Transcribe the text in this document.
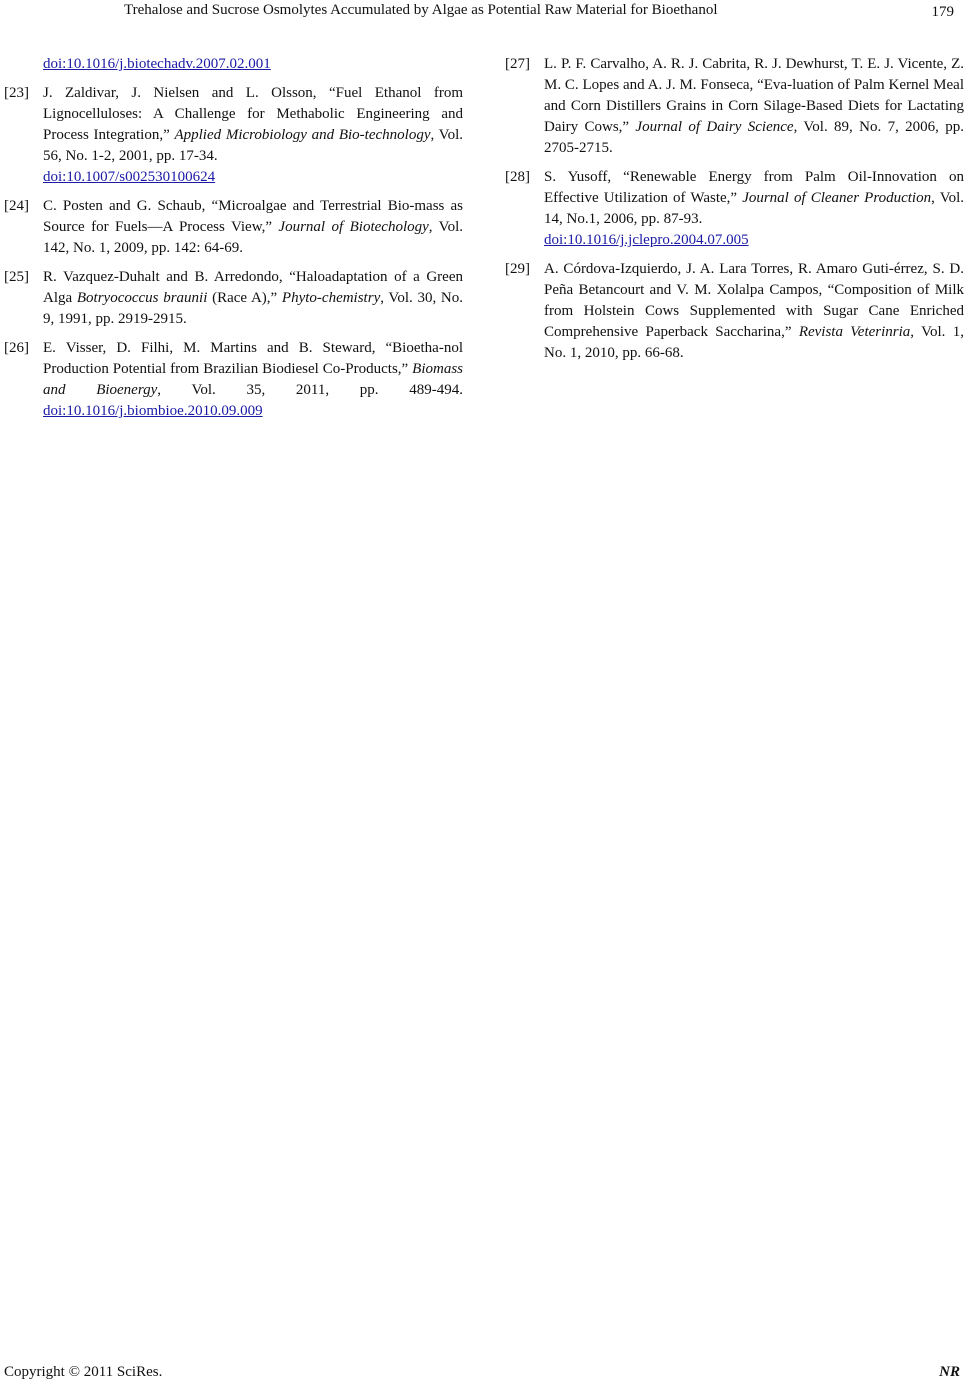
Trehalose and Sucrose Osmolytes Accumulated by Algae as Potential Raw Material for Bioethanol	179
doi:10.1016/j.biotechadv.2007.02.001
[23] J. Zaldivar, J. Nielsen and L. Olsson, “Fuel Ethanol from Lignocelluloses: A Challenge for Methabolic Engineering and Process Integration,” Applied Microbiology and Bio-technology, Vol. 56, No. 1-2, 2001, pp. 17-34.
doi:10.1007/s002530100624
[24] C. Posten and G. Schaub, “Microalgae and Terrestrial Bio-mass as Source for Fuels—A Process View,” Journal of Biotechology, Vol. 142, No. 1, 2009, pp. 142: 64-69.
[25] R. Vazquez-Duhalt and B. Arredondo, “Haloadaptation of a Green Alga Botryococcus braunii (Race A),” Phyto-chemistry, Vol. 30, No. 9, 1991, pp. 2919-2915.
[26] E. Visser, D. Filhi, M. Martins and B. Steward, “Bioetha-nol Production Potential from Brazilian Biodiesel Co-Products,” Biomass and Bioenergy, Vol. 35, 2011, pp. 489-494. doi:10.1016/j.biombioe.2010.09.009
[27] L. P. F. Carvalho, A. R. J. Cabrita, R. J. Dewhurst, T. E. J. Vicente, Z. M. C. Lopes and A. J. M. Fonseca, “Eva-luation of Palm Kernel Meal and Corn Distillers Grains in Corn Silage-Based Diets for Lactating Dairy Cows,” Journal of Dairy Science, Vol. 89, No. 7, 2006, pp. 2705-2715.
[28] S. Yusoff, “Renewable Energy from Palm Oil-Innovation on Effective Utilization of Waste,” Journal of Cleaner Production, Vol. 14, No.1, 2006, pp. 87-93.
doi:10.1016/j.jclepro.2004.07.005
[29] A. Córdova-Izquierdo, J. A. Lara Torres, R. Amaro Guti-érrez, S. D. Peña Betancourt and V. M. Xolalpa Campos, “Composition of Milk from Holstein Cows Supplemented with Sugar Cane Enriched Comprehensive Paperback Saccharina,” Revista Veterinria, Vol. 1, No. 1, 2010, pp. 66-68.
Copyright © 2011 SciRes.	NR
